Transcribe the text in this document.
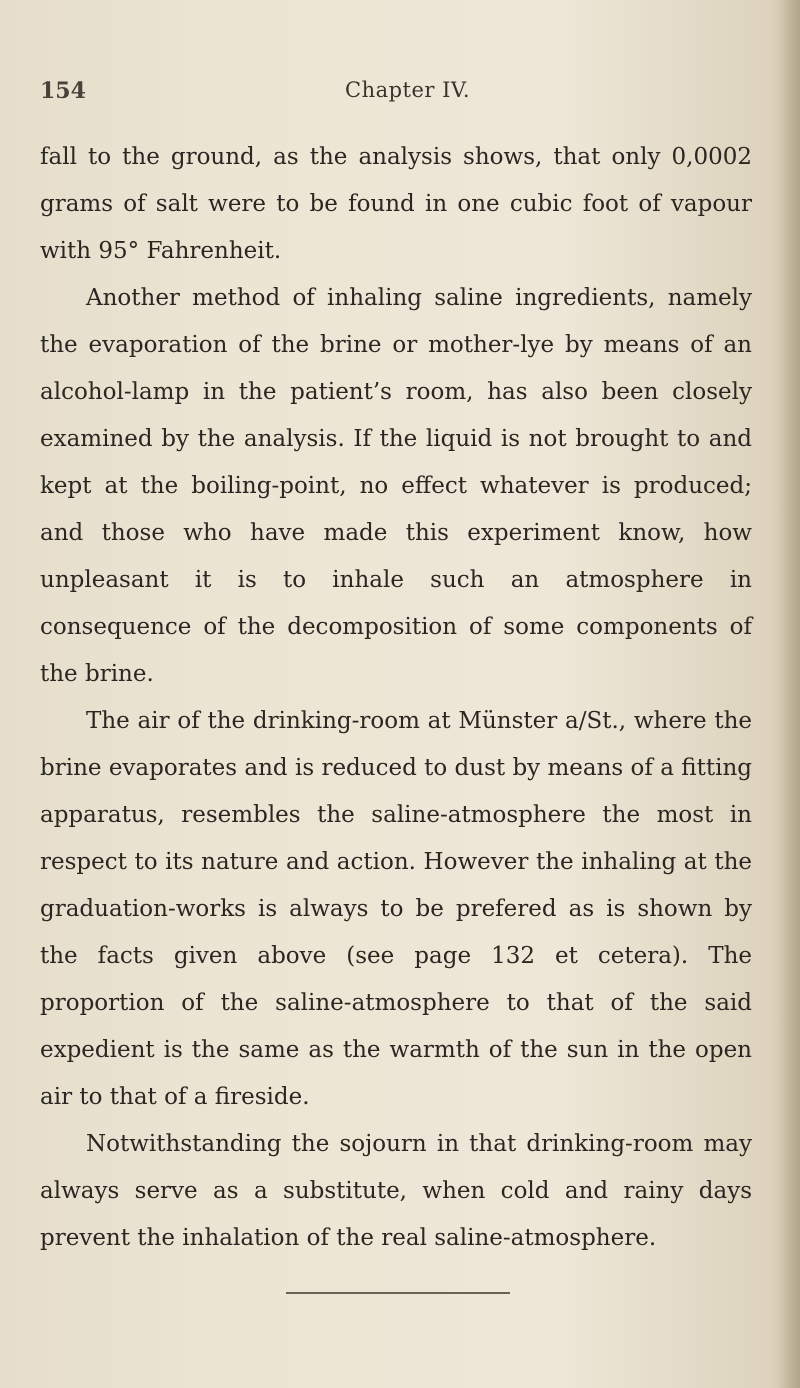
154	Chapter IV.

fall to the ground, as the analysis shows, that only 0,0002 grams of salt were to be found in one cubic foot of vapour with 95° Fahrenheit.

Another method of inhaling saline ingredients, namely the evaporation of the brine or mother-lye by means of an alcohol-lamp in the patient’s room, has also been closely examined by the analysis. If the liquid is not brought to and kept at the boiling-point, no effect whatever is produced; and those who have made this experiment know, how unpleasant it is to inhale such an atmosphere in consequence of the decomposition of some components of the brine.

The air of the drinking-room at Münster a/St., where the brine evaporates and is reduced to dust by means of a fitting apparatus, resembles the saline-atmosphere the most in respect to its nature and action. However the inhaling at the graduation-works is always to be prefered as is shown by the facts given above (see page 132 et cetera). The proportion of the saline-atmosphere to that of the said expedient is the same as the warmth of the sun in the open air to that of a fireside.

Notwithstanding the sojourn in that drinking-room may always serve as a substitute, when cold and rainy days prevent the inhalation of the real saline-atmosphere.
